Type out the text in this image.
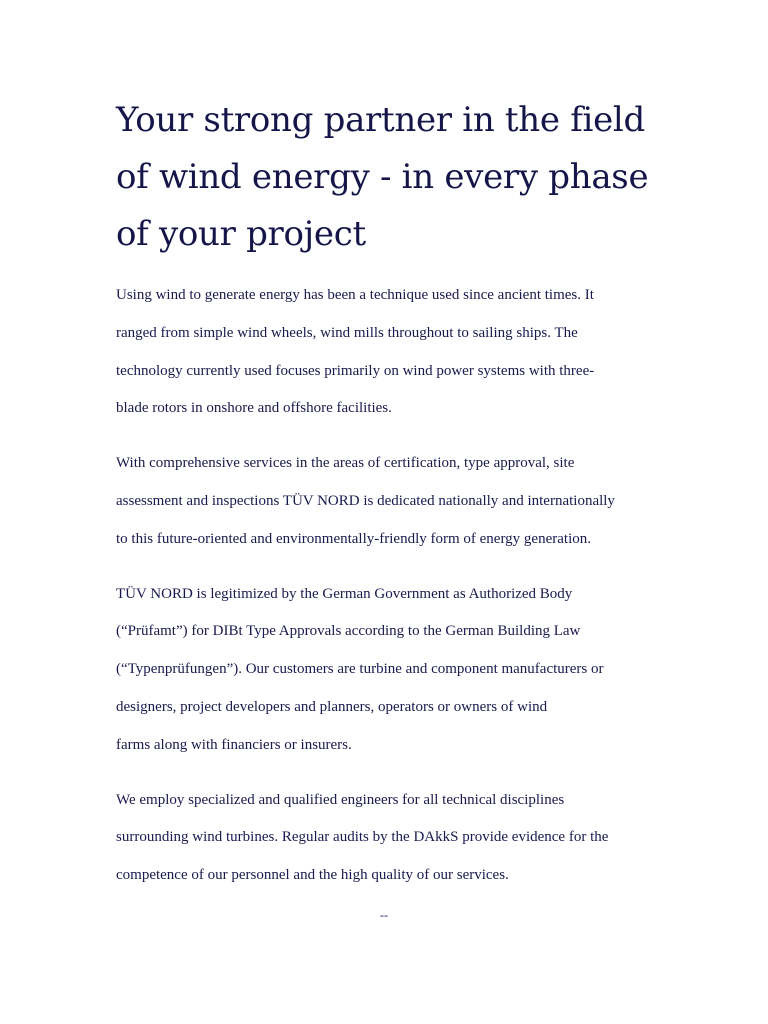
Your strong partner in the field
of wind energy - in every phase
of your project

Using wind to generate energy has been a technique used since ancient times. It
ranged from simple wind wheels, wind mills throughout to sailing ships. The
technology currently used focuses primarily on wind power systems with three-
blade rotors in onshore and offshore facilities.

With comprehensive services in the areas of certification, type approval, site
assessment and inspections TÜV NORD is dedicated nationally and internationally
to this future-oriented and environmentally-friendly form of energy generation.

TÜV NORD is legitimized by the German Government as Authorized Body
(“Prüfamt”) for DIBt Type Approvals according to the German Building Law
(“Typenprüfungen”). Our customers are turbine and component manufacturers or
designers, project developers and planners, operators or owners of wind
farms along with financiers or insurers.

We employ specialized and qualified engineers for all technical disciplines
surrounding wind turbines. Regular audits by the DAkkS provide evidence for the
competence of our personnel and the high quality of our services.

--
